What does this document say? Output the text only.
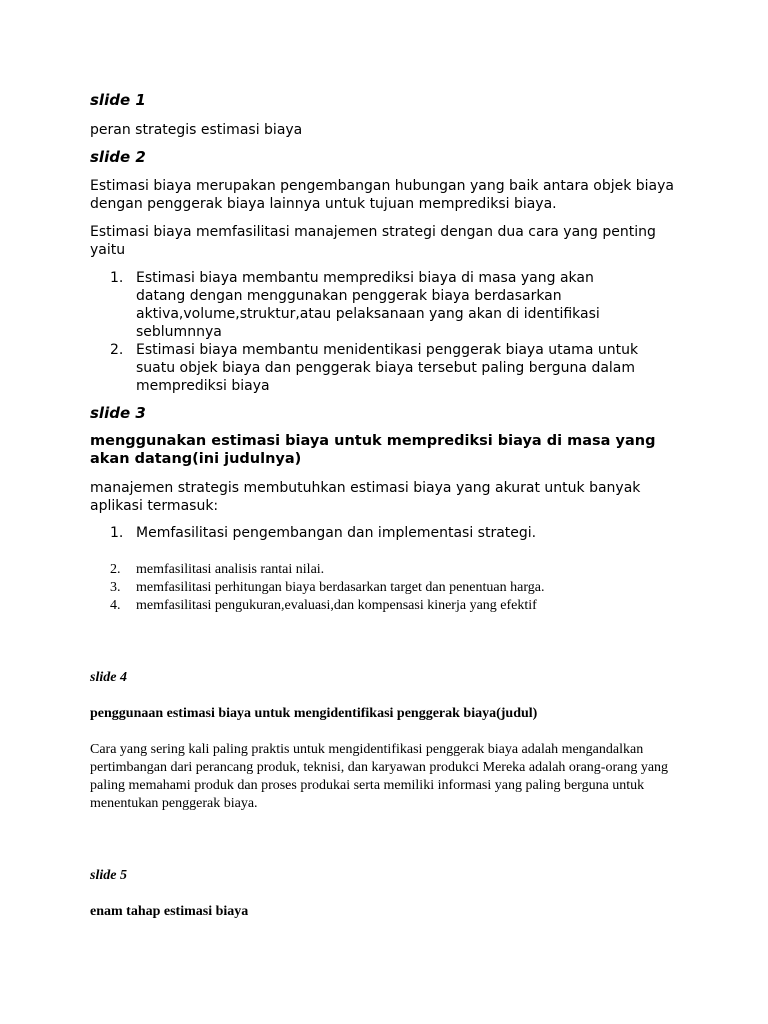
slide 1

peran strategis estimasi biaya

slide 2

Estimasi biaya merupakan pengembangan hubungan yang baik antara objek biaya dengan penggerak biaya lainnya untuk tujuan memprediksi biaya.

Estimasi biaya memfasilitasi manajemen strategi dengan dua cara yang penting yaitu

1. Estimasi biaya membantu memprediksi biaya di masa yang akan datang dengan menggunakan penggerak biaya berdasarkan aktiva,volume,struktur,atau pelaksanaan yang akan di identifikasi seblumnnya
2. Estimasi biaya membantu menidentikasi penggerak biaya utama untuk suatu objek biaya dan penggerak biaya tersebut paling berguna dalam memprediksi biaya

slide 3

menggunakan estimasi biaya untuk memprediksi biaya di masa yang akan datang(ini judulnya)

manajemen strategis membutuhkan estimasi biaya yang akurat untuk banyak aplikasi termasuk:

1. Memfasilitasi pengembangan dan implementasi strategi.
2. memfasilitasi analisis rantai nilai.
3. memfasilitasi perhitungan biaya berdasarkan target dan penentuan harga.
4. memfasilitasi pengukuran,evaluasi,dan kompensasi kinerja yang efektif

slide 4

penggunaan estimasi biaya untuk mengidentifikasi penggerak biaya(judul)

Cara yang sering kali paling praktis untuk mengidentifikasi penggerak biaya adalah mengandalkan pertimbangan dari perancang produk, teknisi, dan karyawan produkci Mereka adalah orang-orang yang paling memahami produk dan proses produkai serta memiliki informasi yang paling berguna untuk menentukan penggerak biaya.

slide 5

enam tahap estimasi biaya
